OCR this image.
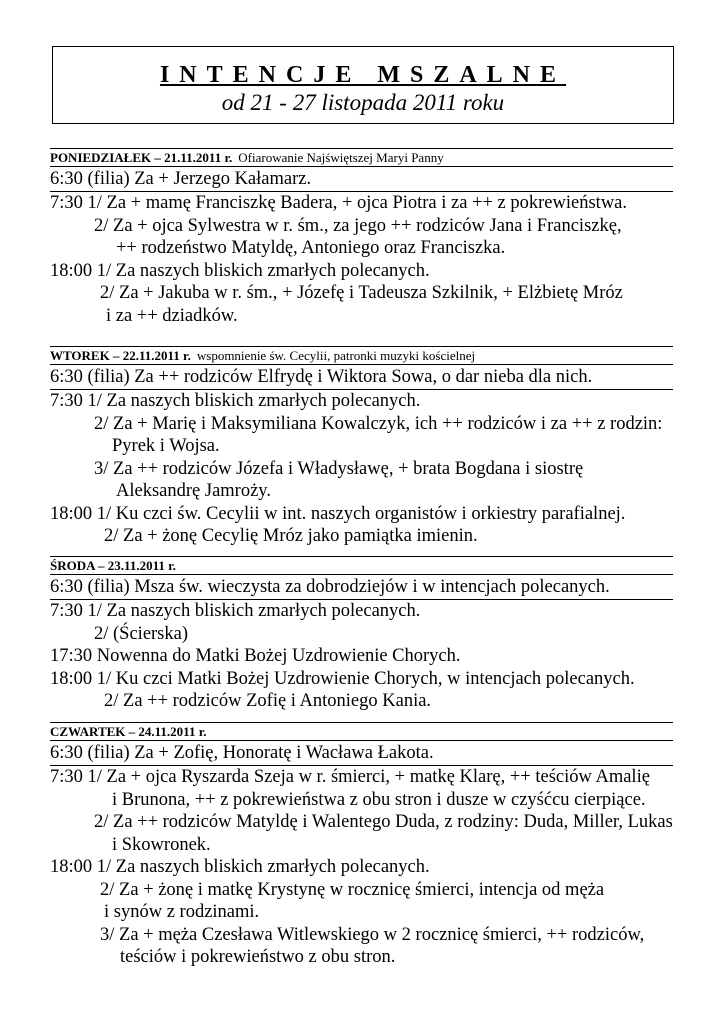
INTENCJE MSZALNE
od 21 - 27 listopada 2011 roku
PONIEDZIAŁEK – 21.11.2011 r. Ofiarowanie Najświętszej Maryi Panny
6:30 (filia) Za + Jerzego Kałamarz.
7:30 1/ Za + mamę Franciszkę Badera, + ojca Piotra i za ++ z pokrewieństwa.
2/ Za + ojca Sylwestra w r. śm., za jego ++ rodziców Jana i Franciszkę,
++ rodzeństwo Matyldę, Antoniego oraz Franciszka.
18:00 1/ Za naszych bliskich zmarłych polecanych.
2/ Za + Jakuba w r. śm., + Józefę i Tadeusza Szkilnik, + Elżbietę Mróz
i za ++ dziadków.
WTOREK – 22.11.2011 r. wspomnienie św. Cecylii, patronki muzyki kościelnej
6:30 (filia) Za ++ rodziców Elfrydę i Wiktora Sowa, o dar nieba dla nich.
7:30 1/ Za naszych bliskich zmarłych polecanych.
2/ Za + Marię i Maksymiliana Kowalczyk, ich ++ rodziców i za ++ z rodzin:
Pyrek i Wojsa.
3/ Za ++ rodziców Józefa i Władysławę, + brata Bogdana i siostrę
Aleksandrę Jamroży.
18:00 1/ Ku czci św. Cecylii w int. naszych organistów i orkiestry parafialnej.
2/ Za + żonę Cecylię Mróz jako pamiątka imienin.
ŚRODA – 23.11.2011 r.
6:30 (filia) Msza św. wieczysta za dobrodziejów i w intencjach polecanych.
7:30 1/ Za naszych bliskich zmarłych polecanych.
2/ (Ścierska)
17:30 Nowenna do Matki Bożej Uzdrowienie Chorych.
18:00 1/ Ku czci Matki Bożej Uzdrowienie Chorych, w intencjach polecanych.
2/ Za ++ rodziców Zofię i Antoniego Kania.
CZWARTEK – 24.11.2011 r.
6:30 (filia) Za + Zofię, Honoratę i Wacława Łakota.
7:30 1/ Za + ojca Ryszarda Szeja w r. śmierci, + matkę Klarę, ++ teściów Amalię
i Brunona, ++ z pokrewieństwa z obu stron i dusze w czyśćcu cierpiące.
2/ Za ++ rodziców Matyldę i Walentego Duda, z rodziny: Duda, Miller, Lukas
i Skowronek.
18:00 1/ Za naszych bliskich zmarłych polecanych.
2/ Za + żonę i matkę Krystynę w rocznicę śmierci, intencja od męża
i synów z rodzinami.
3/ Za + męża Czesława Witlewskiego w 2 rocznicę śmierci, ++ rodziców,
teściów i pokrewieństwo z obu stron.
